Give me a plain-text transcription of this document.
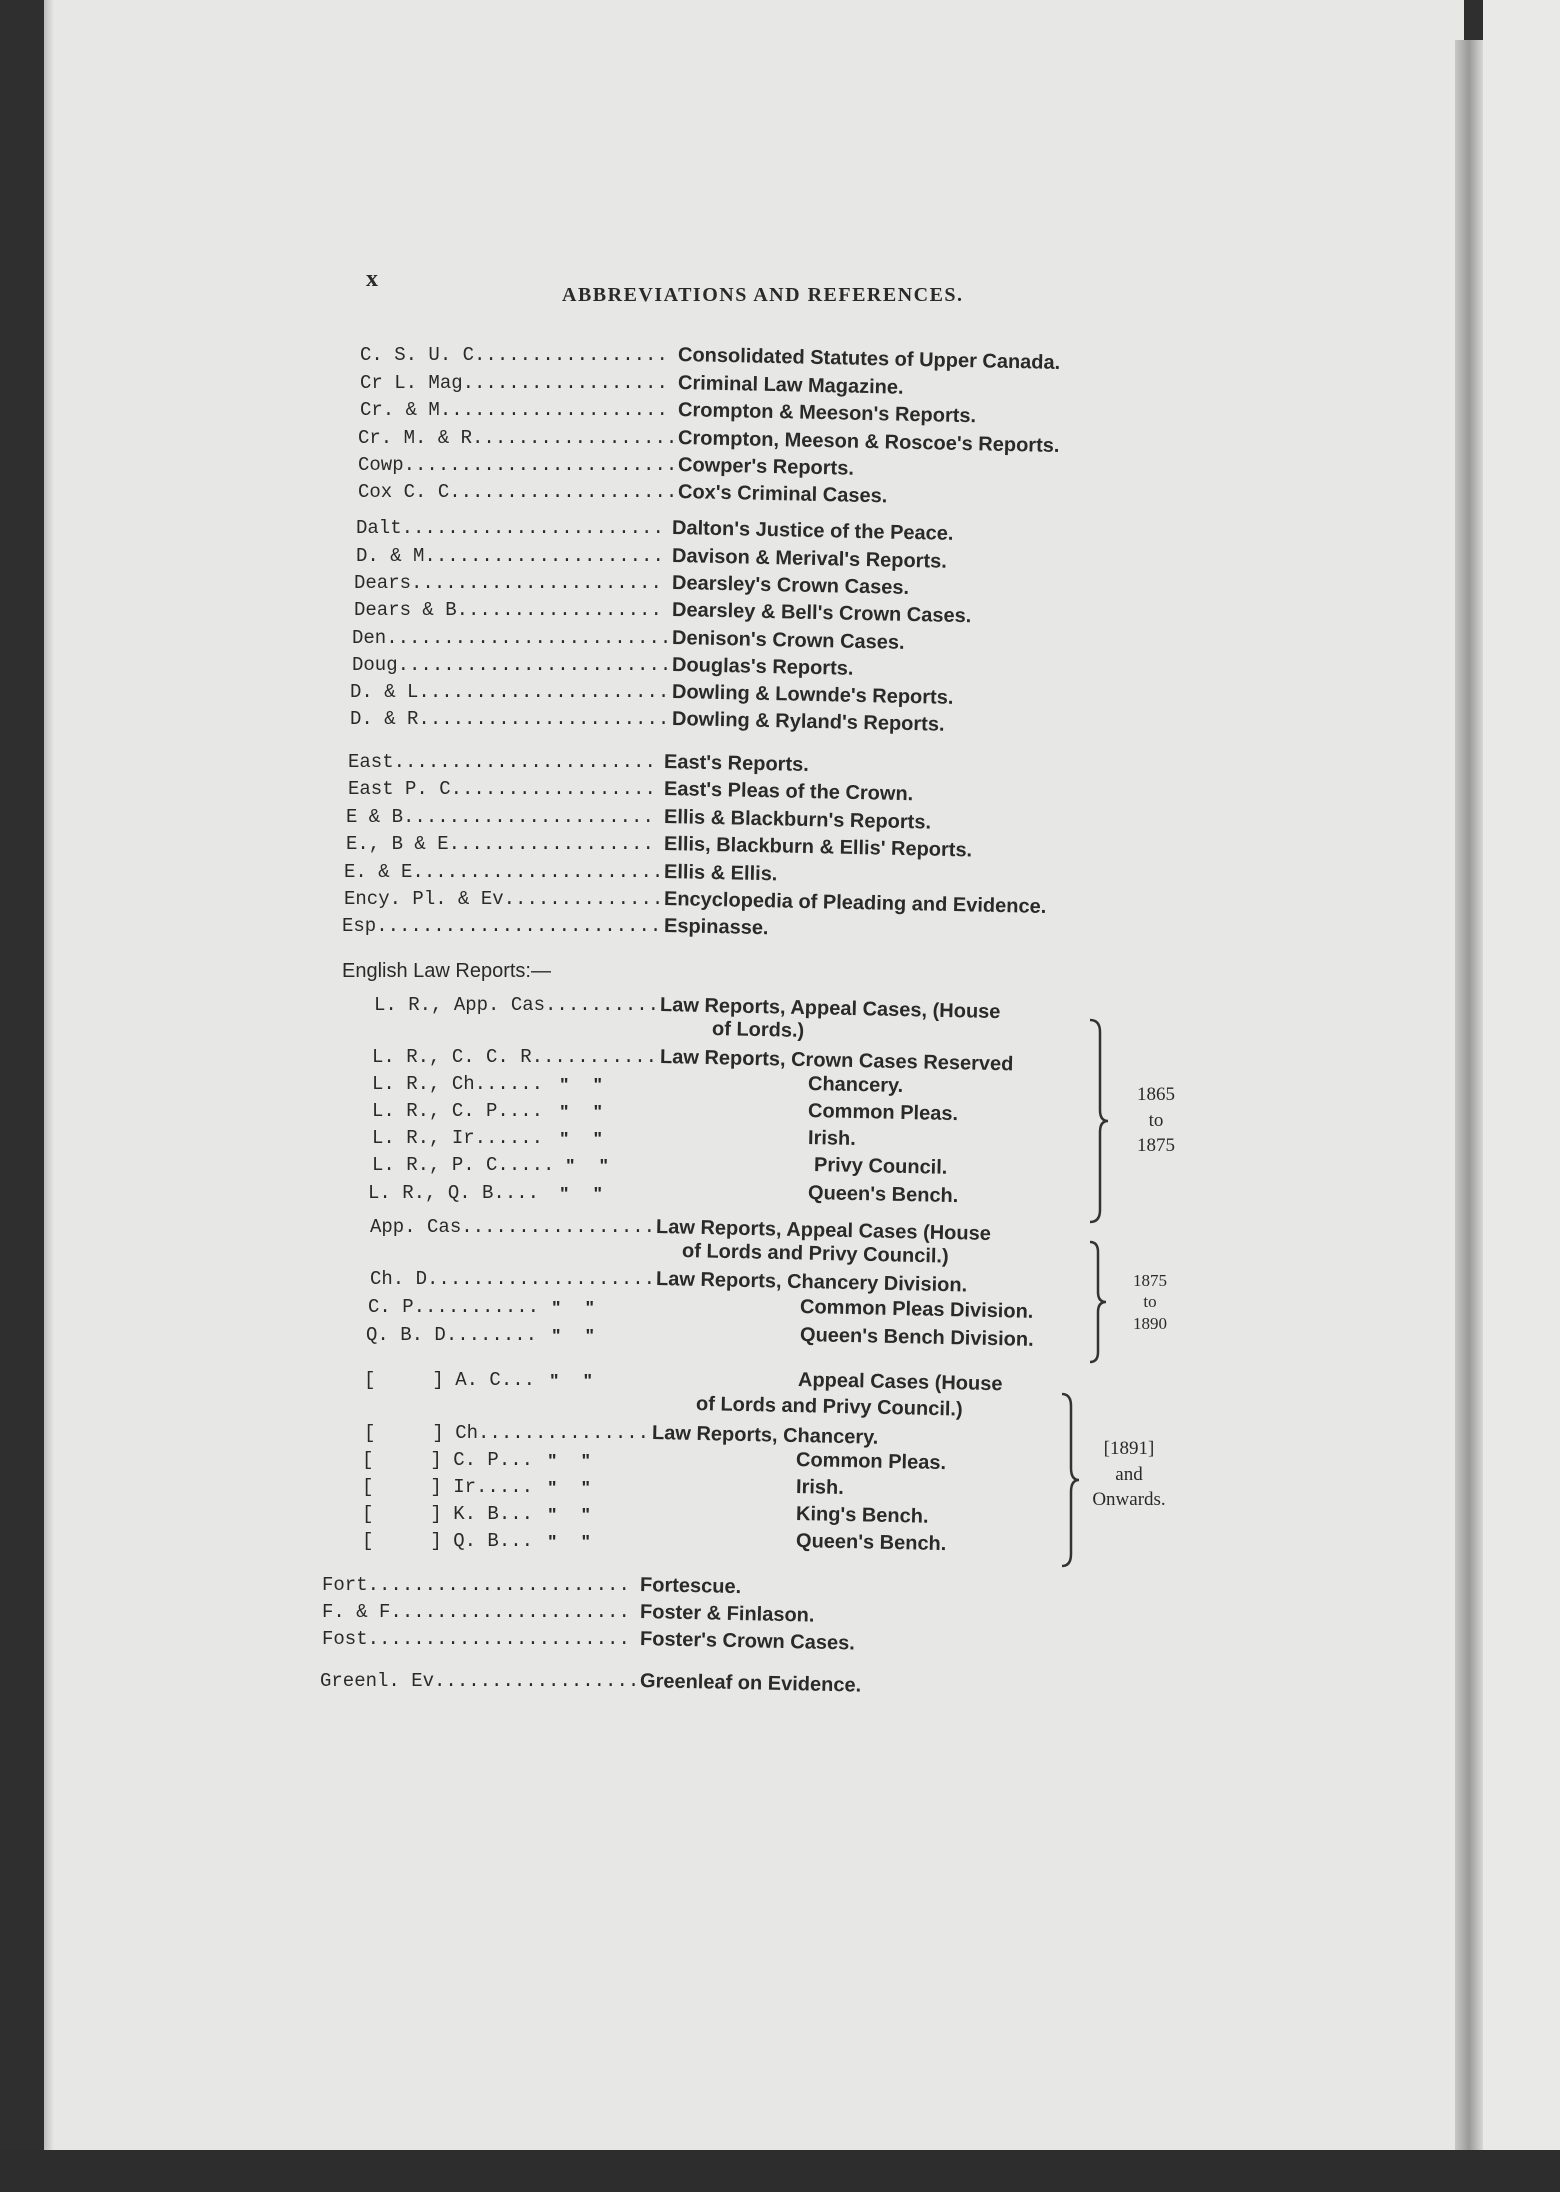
x
ABBREVIATIONS AND REFERENCES.
C. S. U. C................. Consolidated Statutes of Upper Canada.
Cr L. Mag.................. Criminal Law Magazine.
Cr. & M.................... Crompton & Meeson's Reports.
Cr. M. & R.................. Crompton, Meeson & Roscoe's Reports.
Cowp........................ Cowper's Reports.
Cox C. C.................... Cox's Criminal Cases.
Dalt....................... Dalton's Justice of the Peace.
D. & M..................... Davison & Merival's Reports.
Dears...................... Dearsley's Crown Cases.
Dears & B.................. Dearsley & Bell's Crown Cases.
Den......................... Denison's Crown Cases.
Doug........................ Douglas's Reports.
D. & L...................... Dowling & Lownde's Reports.
D. & R...................... Dowling & Ryland's Reports.
East....................... East's Reports.
East P. C.................. East's Pleas of the Crown.
E & B...................... Ellis & Blackburn's Reports.
E., B & E.................. Ellis, Blackburn & Ellis' Reports.
E. & E...................... Ellis & Ellis.
Ency. Pl. & Ev.............. Encyclopedia of Pleading and Evidence.
Esp......................... Espinasse.
L. R., App. Cas.......... Law Reports, Appeal Cases, (House
of Lords.)
L. R., C. C. R........... Law Reports, Crown Cases Reserved
L. R., Ch...... "     "	Chancery.
L. R., C. P.... "     "	Common Pleas.
L. R., Ir...... "     "	Irish.
L. R., P. C..... "     "	Privy Council.
L. R., Q. B.... "     "	Queen's Bench.
App. Cas................. Law Reports, Appeal Cases (House
of Lords and Privy Council.)
Ch. D.................... Law Reports, Chancery Division.
C. P........... "     "	Common Pleas Division.
Q. B. D........ "     "	Queen's Bench Division.
[     ] A. C... "     "	Appeal Cases (House
of Lords and Privy Council.)
[     ] Ch............... Law Reports, Chancery.
[     ] C. P... "     "	Common Pleas.
[     ] Ir..... "     "	Irish.
[     ] K. B... "     "	King's Bench.
[     ] Q. B... "     "	Queen's Bench.
Fort....................... Fortescue.
F. & F..................... Foster & Finlason.
Fost....................... Foster's Crown Cases.
Greenl. Ev.................. Greenleaf on Evidence.
English Law Reports:—
1865
to
1875
1875
to
1890
[1891]
and
Onwards.
